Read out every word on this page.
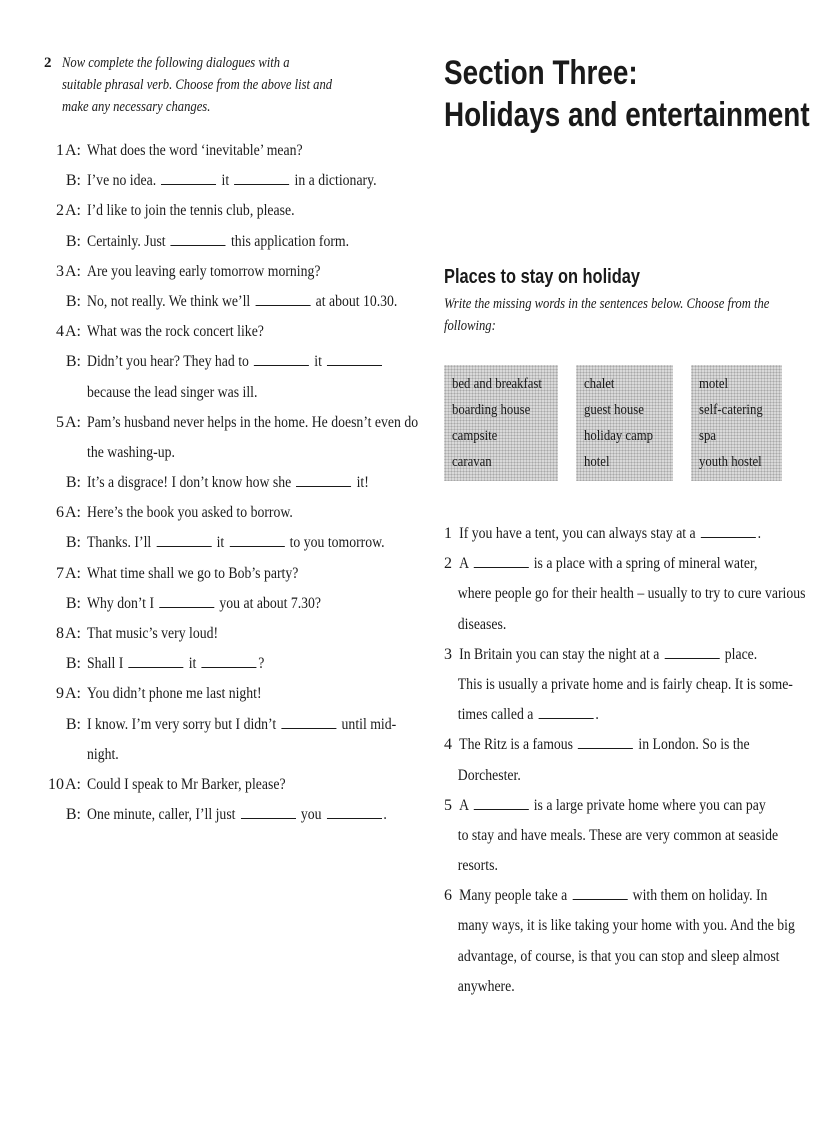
2 Now complete the following dialogues with a suitable phrasal verb. Choose from the above list and make any necessary changes.
1 A: What does the word ‘inevitable’ mean?
B: I’ve no idea.	it	in a dictionary.
2 A: I’d like to join the tennis club, please.
B: Certainly. Just	this application form.
3 A: Are you leaving early tomorrow morning?
B: No, not really. We think we’ll	at about 10.30.
4 A: What was the rock concert like?
B: Didn’t you hear? They had to	it
because the lead singer was ill.
5 A: Pam’s husband never helps in the home. He doesn’t even do
the washing-up.
B: It’s a disgrace! I don’t know how she	it!
6 A: Here’s the book you asked to borrow.
B: Thanks. I’ll	it	to you tomorrow.
7 A: What time shall we go to Bob’s party?
B: Why don’t I	you at about 7.30?
8 A: That music’s very loud!
B: Shall I	it	?
9 A: You didn’t phone me last night!
B: I know. I’m very sorry but I didn’t	until mid-
night.
10 A: Could I speak to Mr Barker, please?
B: One minute, caller, I’ll just	you	.
Section Three:
Holidays and entertainment
Places to stay on holiday
Write the missing words in the sentences below. Choose from the following:
bed and breakfast
boarding house
campsite
caravan
chalet
guest house
holiday camp
hotel
motel
self-catering
spa
youth hostel
1 If you have a tent, you can always stay at a	.
2 A	is a place with a spring of mineral water,
where people go for their health – usually to try to cure various
diseases.
3 In Britain you can stay the night at a	place.
This is usually a private home and is fairly cheap. It is some-
times called a	.
4 The Ritz is a famous	in London. So is the
Dorchester.
5 A	is a large private home where you can pay
to stay and have meals. These are very common at seaside
resorts.
6 Many people take a	with them on holiday. In
many ways, it is like taking your home with you. And the big
advantage, of course, is that you can stop and sleep almost
anywhere.
